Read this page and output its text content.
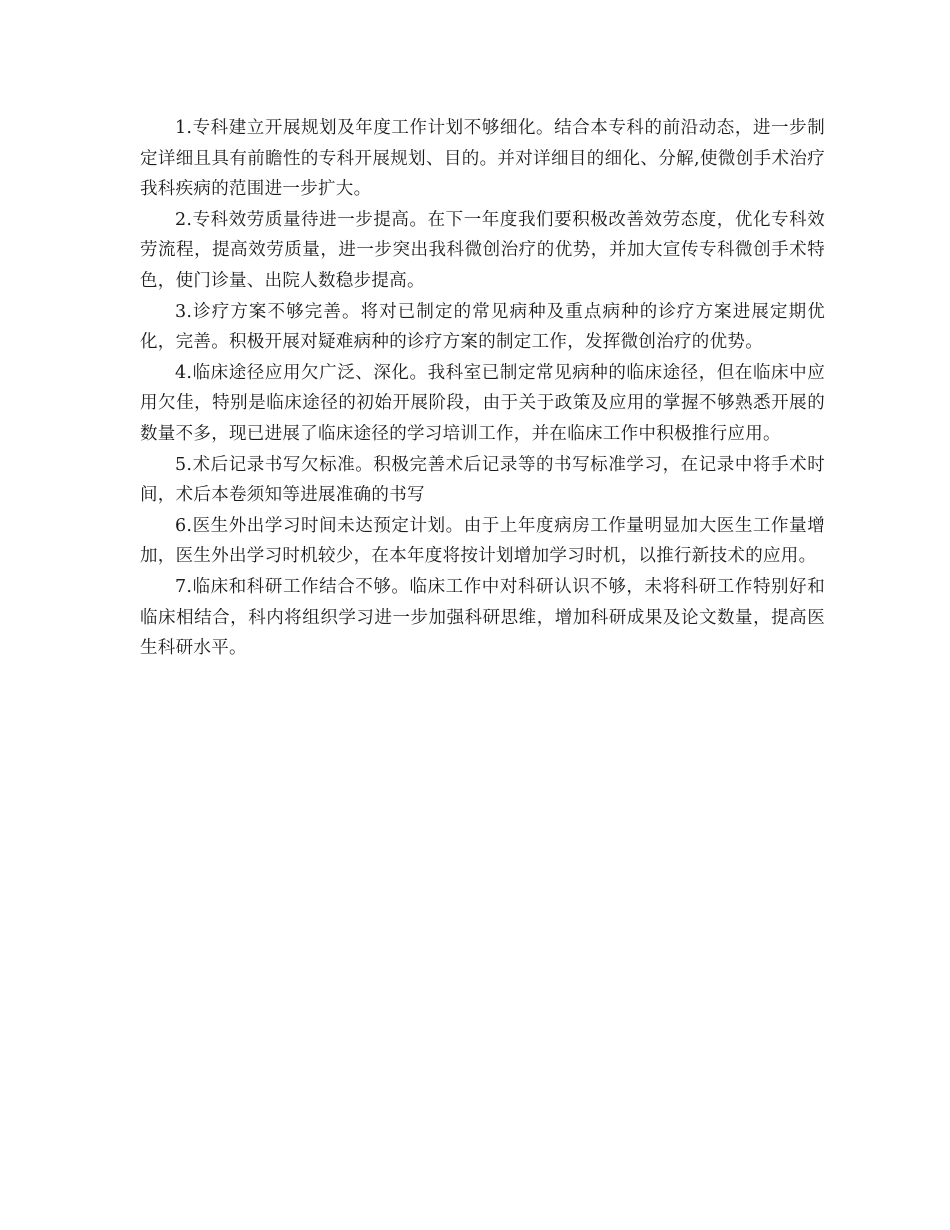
1.专科建立开展规划及年度工作计划不够细化。结合本专科的前沿动态，进一步制定详细且具有前瞻性的专科开展规划、目的。并对详细目的细化、分解,使微创手术治疗我科疾病的范围进一步扩大。

2.专科效劳质量待进一步提高。在下一年度我们要积极改善效劳态度，优化专科效劳流程，提高效劳质量，进一步突出我科微创治疗的优势，并加大宣传专科微创手术特色，使门诊量、出院人数稳步提高。

3.诊疗方案不够完善。将对已制定的常见病种及重点病种的诊疗方案进展定期优化，完善。积极开展对疑难病种的诊疗方案的制定工作，发挥微创治疗的优势。

4.临床途径应用欠广泛、深化。我科室已制定常见病种的临床途径，但在临床中应用欠佳，特别是临床途径的初始开展阶段，由于关于政策及应用的掌握不够熟悉开展的数量不多，现已进展了临床途径的学习培训工作，并在临床工作中积极推行应用。

5.术后记录书写欠标准。积极完善术后记录等的书写标准学习，在记录中将手术时间，术后本卷须知等进展准确的书写

6.医生外出学习时间未达预定计划。由于上年度病房工作量明显加大医生工作量增加，医生外出学习时机较少，在本年度将按计划增加学习时机，以推行新技术的应用。

7.临床和科研工作结合不够。临床工作中对科研认识不够，未将科研工作特别好和临床相结合，科内将组织学习进一步加强科研思维，增加科研成果及论文数量，提高医生科研水平。
